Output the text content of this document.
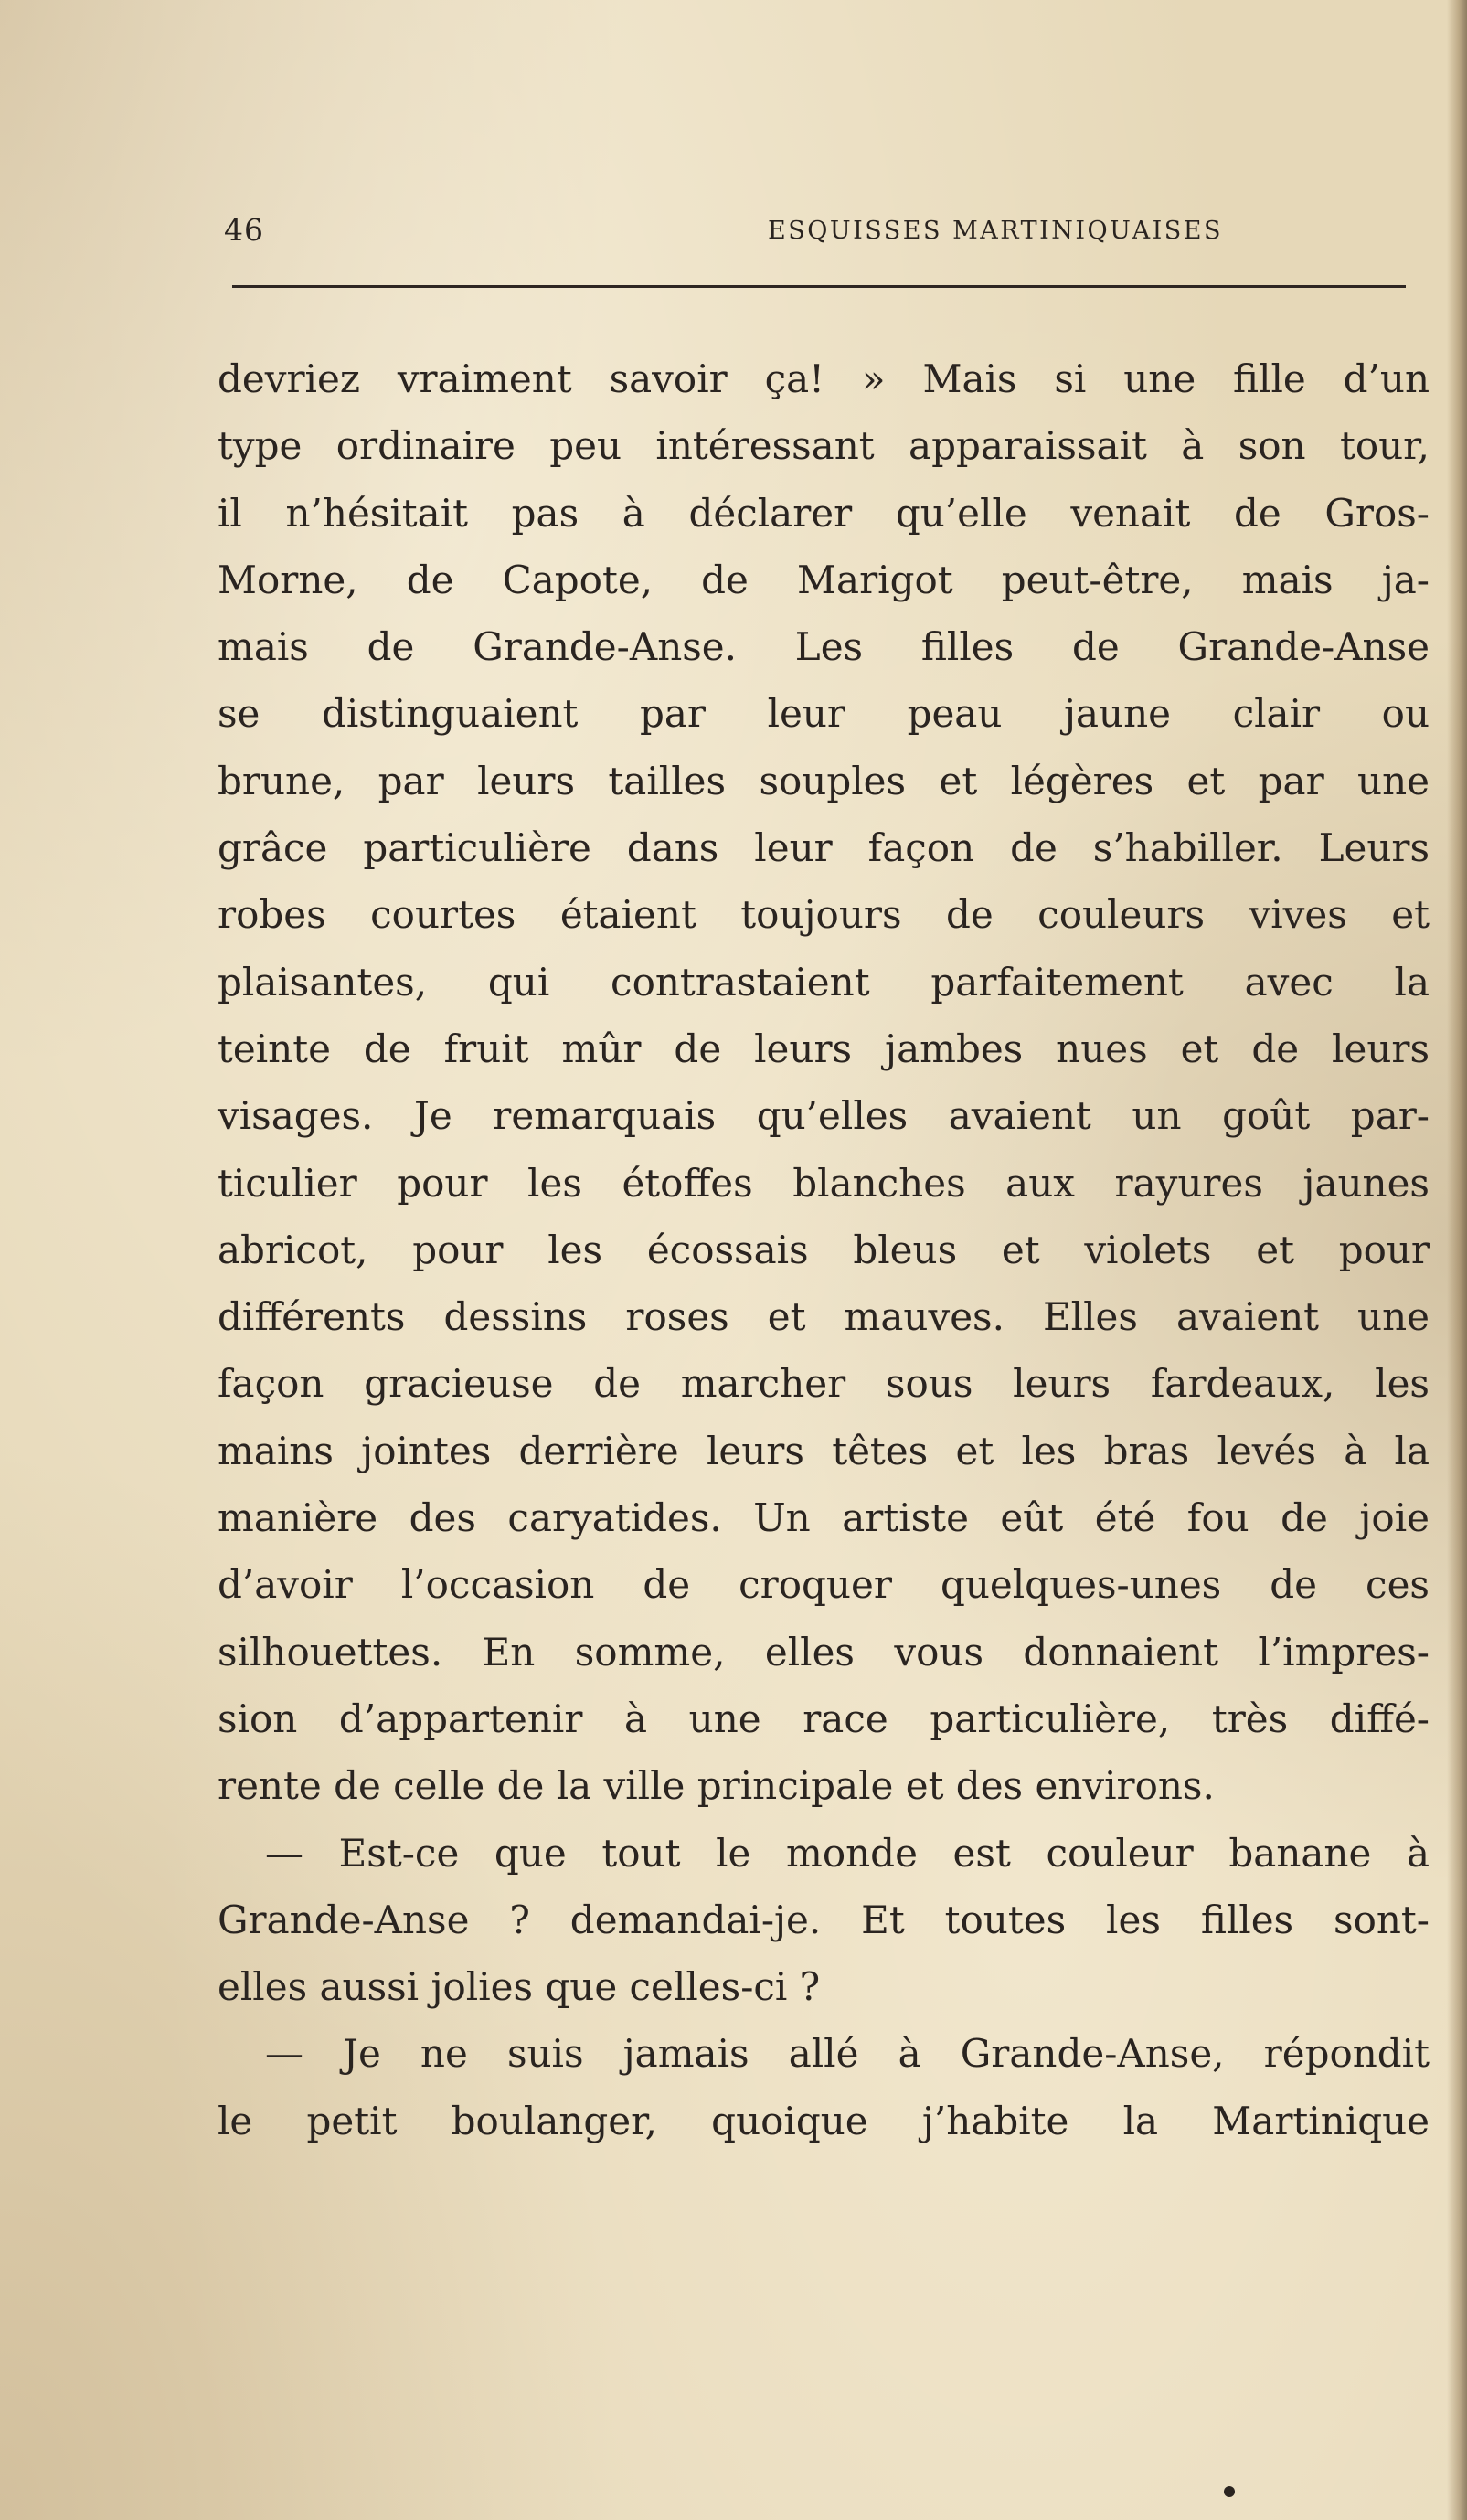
46	ESQUISSES MARTINIQUAISES
devriez vraiment savoir ça! » Mais si une fille d’un
type ordinaire peu intéressant apparaissait à son tour,
il n’hésitait pas à déclarer qu’elle venait de Gros-
Morne, de Capote, de Marigot peut-être, mais ja-
mais de Grande-Anse. Les filles de Grande-Anse
se distinguaient par leur peau jaune clair ou
brune, par leurs tailles souples et légères et par une
grâce particulière dans leur façon de s’habiller. Leurs
robes courtes étaient toujours de couleurs vives et
plaisantes, qui contrastaient parfaitement avec la
teinte de fruit mûr de leurs jambes nues et de leurs
visages. Je remarquais qu’elles avaient un goût par-
ticulier pour les étoffes blanches aux rayures jaunes
abricot, pour les écossais bleus et violets et pour
différents dessins roses et mauves. Elles avaient une
façon gracieuse de marcher sous leurs fardeaux, les
mains jointes derrière leurs têtes et les bras levés à la
manière des caryatides. Un artiste eût été fou de joie
d’avoir l’occasion de croquer quelques-unes de ces
silhouettes. En somme, elles vous donnaient l’impres-
sion d’appartenir à une race particulière, très diffé-
rente de celle de la ville principale et des environs.
— Est-ce que tout le monde est couleur banane à
Grande-Anse ? demandai-je. Et toutes les filles sont-
elles aussi jolies que celles-ci ?
— Je ne suis jamais allé à Grande-Anse, répondit
le petit boulanger, quoique j’habite la Martinique
